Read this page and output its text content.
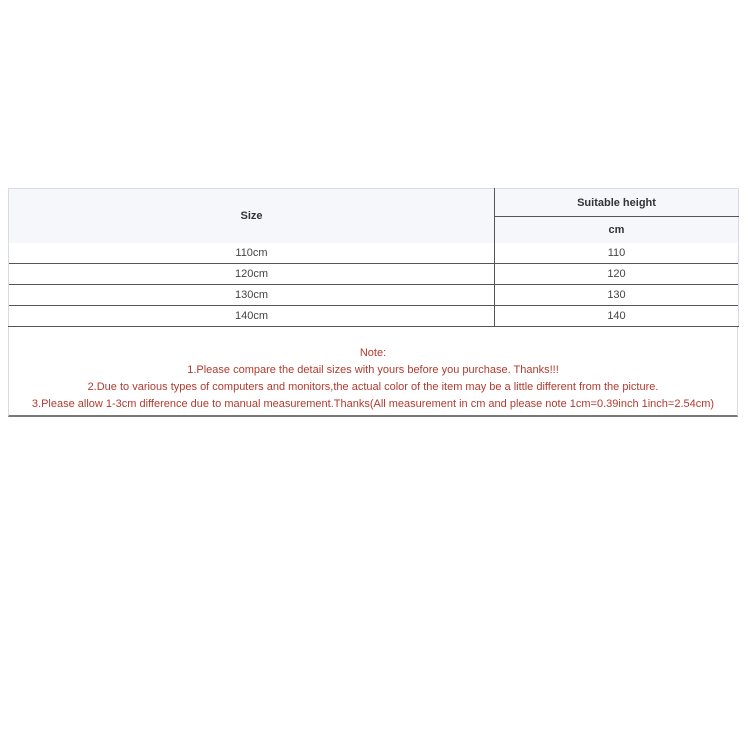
Size	Suitable height
	cm
110cm	110
120cm	120
130cm	130
140cm	140
Note:
1.Please compare the detail sizes with yours before you purchase. Thanks!!!
2.Due to various types of computers and monitors,the actual color of the item may be a little different from the picture.
3.Please allow 1-3cm difference due to manual measurement.Thanks(All measurement in cm and please note 1cm=0.39inch 1inch=2.54cm)
